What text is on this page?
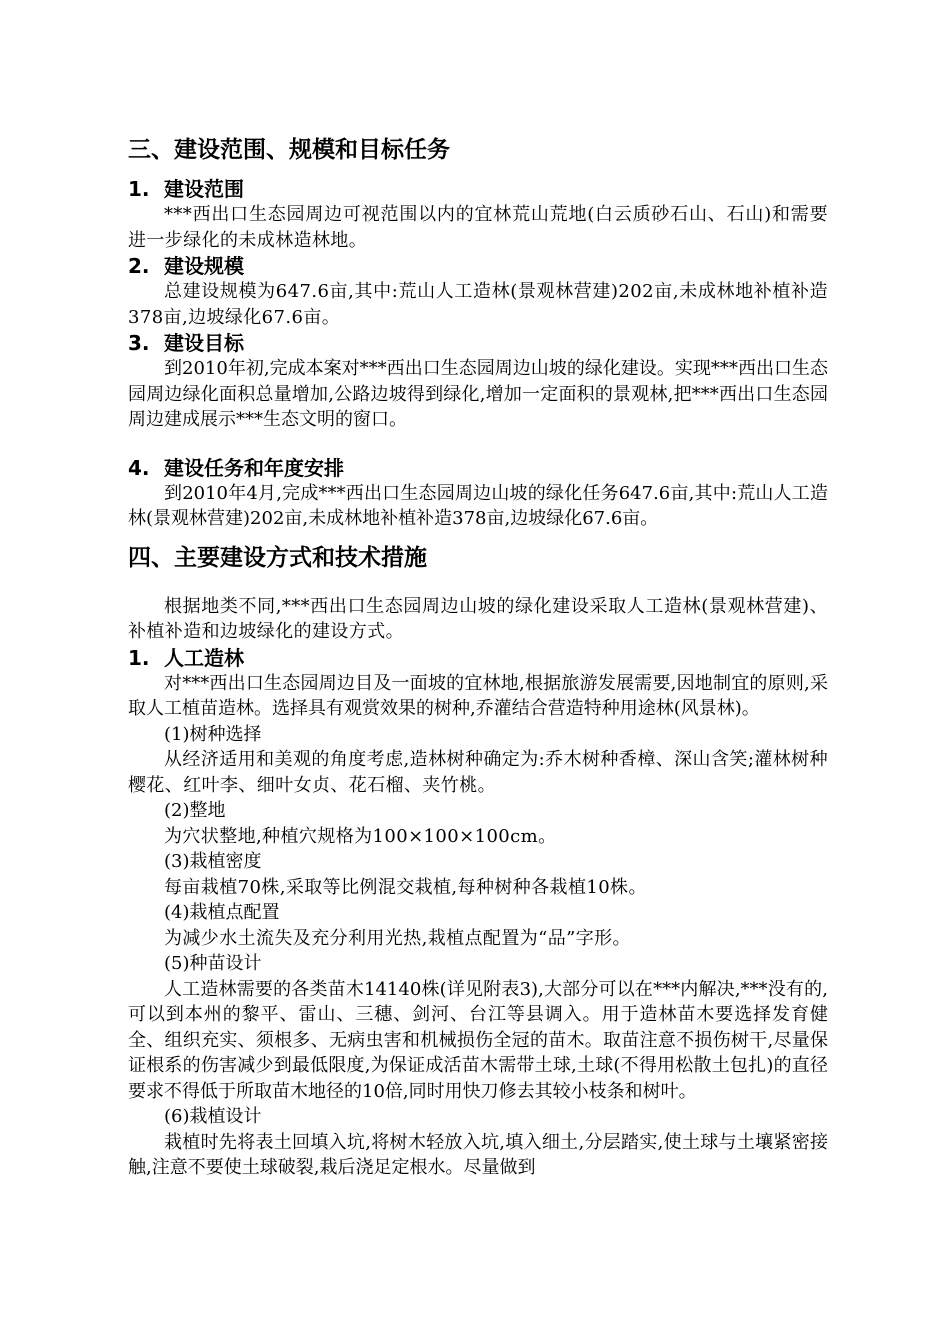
三、建设范围、规模和目标任务
1. 建设范围

***西出口生态园周边可视范围以内的宜林荒山荒地(白云质砂石山、石山)和需要进一步绿化的未成林造林地。

2. 建设规模

总建设规模为647.6亩,其中:荒山人工造林(景观林营建)202亩,未成林地补植补造378亩,边坡绿化67.6亩。

3. 建设目标

到2010年初,完成本案对***西出口生态园周边山坡的绿化建设。实现***西出口生态园周边绿化面积总量增加,公路边坡得到绿化,增加一定面积的景观林,把***西出口生态园周边建成展示***生态文明的窗口。

4. 建设任务和年度安排

到2010年4月,完成***西出口生态园周边山坡的绿化任务647.6亩,其中:荒山人工造林(景观林营建)202亩,未成林地补植补造378亩,边坡绿化67.6亩。

四、主要建设方式和技术措施

根据地类不同,***西出口生态园周边山坡的绿化建设采取人工造林(景观林营建)、补植补造和边坡绿化的建设方式。

1. 人工造林

对***西出口生态园周边目及一面坡的宜林地,根据旅游发展需要,因地制宜的原则,采取人工植苗造林。选择具有观赏效果的树种,乔灌结合营造特种用途林(风景林)。

(1)树种选择

从经济适用和美观的角度考虑,造林树种确定为:乔木树种香樟、深山含笑;灌林树种樱花、红叶李、细叶女贞、花石榴、夹竹桃。

(2)整地

为穴状整地,种植穴规格为100×100×100cm。

(3)栽植密度

每亩栽植70株,采取等比例混交栽植,每种树种各栽植10株。

(4)栽植点配置

为减少水土流失及充分利用光热,栽植点配置为“品”字形。

(5)种苗设计

人工造林需要的各类苗木14140株(详见附表3),大部分可以在***内解决,***没有的,可以到本州的黎平、雷山、三穗、剑河、台江等县调入。用于造林苗木要选择发育健全、组织充实、须根多、无病虫害和机械损伤全冠的苗木。取苗注意不损伤树干,尽量保证根系的伤害减少到最低限度,为保证成活苗木需带土球,土球(不得用松散土包扎)的直径要求不得低于所取苗木地径的10倍,同时用快刀修去其较小枝条和树叶。

(6)栽植设计

栽植时先将表土回填入坑,将树木轻放入坑,填入细土,分层踏实,使土球与土壤紧密接触,注意不要使土球破裂,栽后浇足定根水。尽量做到
